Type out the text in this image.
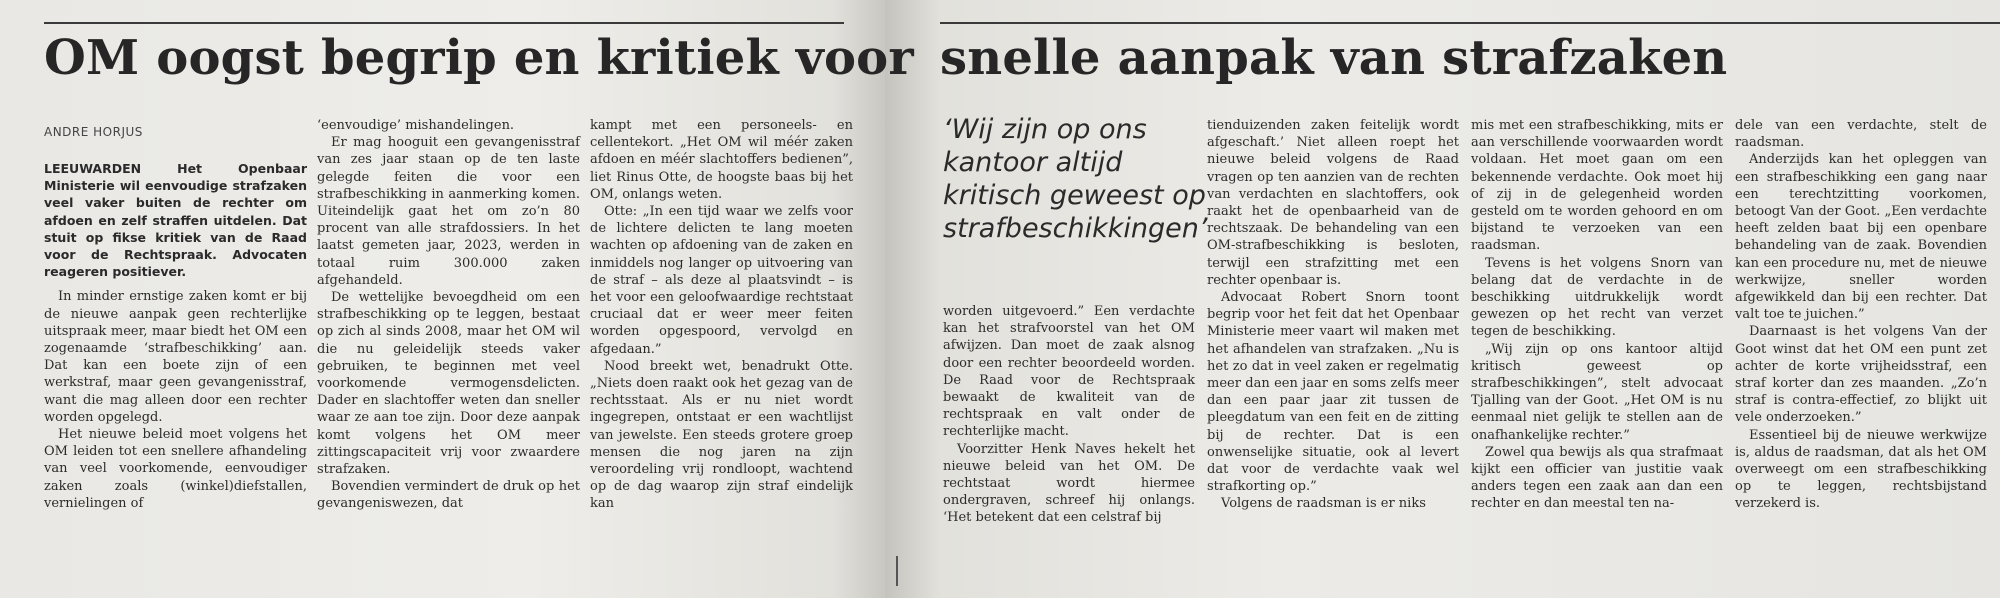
OM oogst begrip en kritiek voor snelle aanpak van strafzaken
ANDRE HORJUS

LEEUWARDEN Het Openbaar Ministerie wil eenvoudige strafzaken veel vaker buiten de rechter om afdoen en zelf straffen uitdelen. Dat stuit op fikse kritiek van de Raad voor de Rechtspraak. Advocaten reageren positiever.

In minder ernstige zaken komt er bij de nieuwe aanpak geen rechterlijke uitspraak meer, maar biedt het OM een zogenaamde ‘strafbeschikking’ aan. Dat kan een boete zijn of een werkstraf, maar geen gevangenisstraf, want die mag alleen door een rechter worden opgelegd.

Het nieuwe beleid moet volgens het OM leiden tot een snellere afhandeling van veel voorkomende, eenvoudiger zaken zoals (winkel)diefstallen, vernielingen of

‘eenvoudige’ mishandelingen.

Er mag hooguit een gevangenisstraf van zes jaar staan op de ten laste gelegde feiten die voor een strafbeschikking in aanmerking komen. Uiteindelijk gaat het om zo’n 80 procent van alle strafdossiers. In het laatst gemeten jaar, 2023, werden in totaal ruim 300.000 zaken afgehandeld.

De wettelijke bevoegdheid om een strafbeschikking op te leggen, bestaat op zich al sinds 2008, maar het OM wil die nu geleidelijk steeds vaker gebruiken, te beginnen met veel voorkomende vermogensdelicten. Dader en slachtoffer weten dan sneller waar ze aan toe zijn. Door deze aanpak komt volgens het OM meer zittingscapaciteit vrij voor zwaardere strafzaken.

Bovendien vermindert de druk op het gevangeniswezen, dat

kampt met een personeels- en cellentekort. „Het OM wil méér zaken afdoen en méér slachtoffers bedienen”, liet Rinus Otte, de hoogste baas bij het OM, onlangs weten.

Otte: „In een tijd waar we zelfs voor de lichtere delicten te lang moeten wachten op afdoening van de zaken en inmiddels nog langer op uitvoering van de straf – als deze al plaatsvindt – is het voor een geloofwaardige rechtstaat cruciaal dat er weer meer feiten worden opgespoord, vervolgd en afgedaan.”

Nood breekt wet, benadrukt Otte. „Niets doen raakt ook het gezag van de rechtsstaat. Als er nu niet wordt ingegrepen, ontstaat er een wachtlijst van jewelste. Een steeds grotere groep mensen die nog jaren na zijn veroordeling vrij rondloopt, wachtend op de dag waarop zijn straf eindelijk kan

‘Wij zijn op ons kantoor altijd kritisch geweest op strafbeschikkingen’

worden uitgevoerd.” Een verdachte kan het strafvoorstel van het OM afwijzen. Dan moet de zaak alsnog door een rechter beoordeeld worden. De Raad voor de Rechtspraak bewaakt de kwaliteit van de rechtspraak en valt onder de rechterlijke macht.

Voorzitter Henk Naves hekelt het nieuwe beleid van het OM. De rechtstaat wordt hiermee ondergraven, schreef hij onlangs. ‘Het betekent dat een celstraf bij

tienduizenden zaken feitelijk wordt afgeschaft.’ Niet alleen roept het nieuwe beleid volgens de Raad vragen op ten aanzien van de rechten van verdachten en slachtoffers, ook raakt het de openbaarheid van de rechtszaak. De behandeling van een OM-strafbeschikking is besloten, terwijl een strafzitting met een rechter openbaar is.

Advocaat Robert Snorn toont begrip voor het feit dat het Openbaar Ministerie meer vaart wil maken met het afhandelen van strafzaken. „Nu is het zo dat in veel zaken er regelmatig meer dan een jaar en soms zelfs meer dan een paar jaar zit tussen de pleegdatum van een feit en de zitting bij de rechter. Dat is een onwenselijke situatie, ook al levert dat voor de verdachte vaak wel strafkorting op.”

Volgens de raadsman is er niks

mis met een strafbeschikking, mits er aan verschillende voorwaarden wordt voldaan. Het moet gaan om een bekennende verdachte. Ook moet hij of zij in de gelegenheid worden gesteld om te worden gehoord en om bijstand te verzoeken van een raadsman.

Tevens is het volgens Snorn van belang dat de verdachte in de beschikking uitdrukkelijk wordt gewezen op het recht van verzet tegen de beschikking.

„Wij zijn op ons kantoor altijd kritisch geweest op strafbeschikkingen”, stelt advocaat Tjalling van der Goot. „Het OM is nu eenmaal niet gelijk te stellen aan de onafhankelijke rechter.”

Zowel qua bewijs als qua strafmaat kijkt een officier van justitie vaak anders tegen een zaak aan dan een rechter en dan meestal ten na-

dele van een verdachte, stelt de raadsman.

Anderzijds kan het opleggen van een strafbeschikking een gang naar een terechtzitting voorkomen, betoogt Van der Goot. „Een verdachte heeft zelden baat bij een openbare behandeling van de zaak. Bovendien kan een procedure nu, met de nieuwe werkwijze, sneller worden afgewikkeld dan bij een rechter. Dat valt toe te juichen.”

Daarnaast is het volgens Van der Goot winst dat het OM een punt zet achter de korte vrijheidsstraf, een straf korter dan zes maanden. „Zo’n straf is contra-effectief, zo blijkt uit vele onderzoeken.”

Essentieel bij de nieuwe werkwijze is, aldus de raadsman, dat als het OM overweegt om een strafbeschikking op te leggen, rechtsbijstand verzekerd is.
